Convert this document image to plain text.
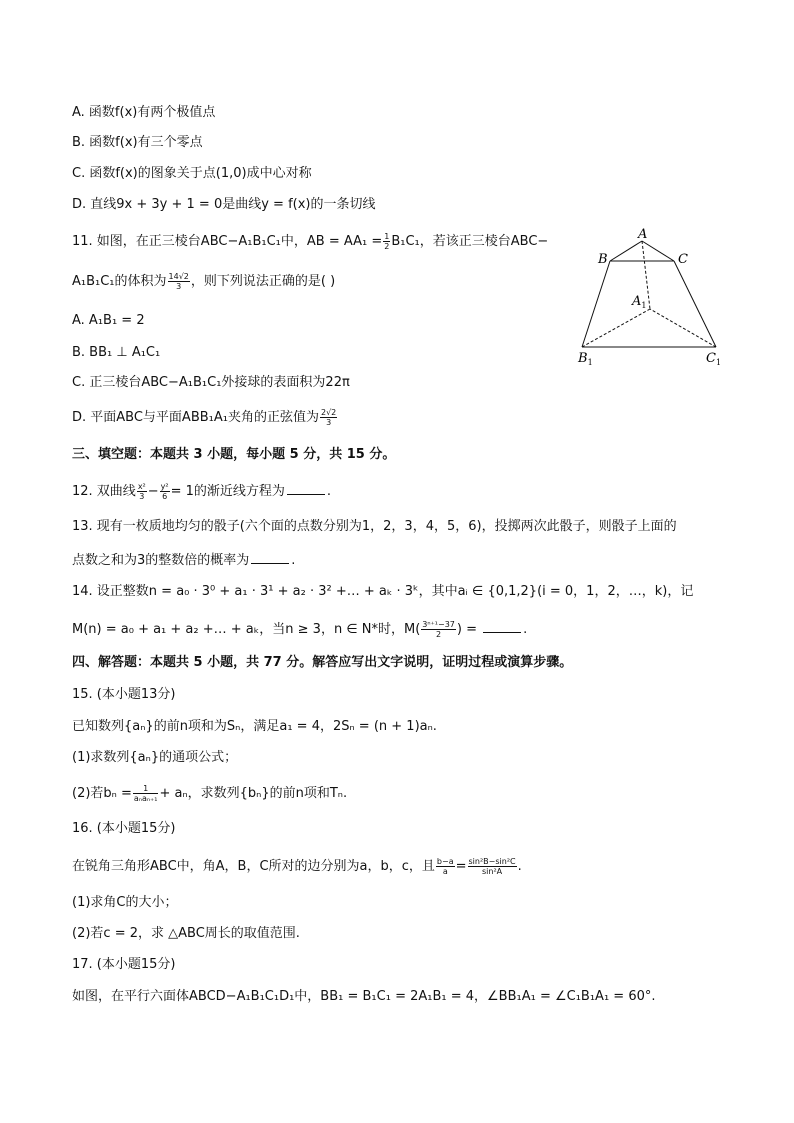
A. 函数f(x)有两个极值点
B. 函数f(x)有三个零点
C. 函数f(x)的图象关于点(1,0)成中心对称
D. 直线9x + 3y + 1 = 0是曲线y = f(x)的一条切线
11. 如图，在正三棱台ABC−A₁B₁C₁中，AB = $AA_1 = \frac{1}{2} B_1C_1$，若该正三棱台ABC−
A₁B₁C₁的体积为 $\frac{14√2}{3}$ ，则下列说法正确的是( )
A. A₁B₁ = 2
B. BB₁ ⊥ A₁C₁
C. 正三棱台ABC−A₁B₁C₁外接球的表面积为22π
D. 平面ABC与平面ABB₁A₁夹角的正弦值为 $\frac{2√2}{3}$
A
B	C
$A_1$
$B_1$	$C_1$
三、填空题：本题共 3 小题，每小题 5 分，共 15 分。
12. 双曲线 $\frac{\text{x²}}{3} - \frac{\text{y²}}{6} = 1$的渐近线方程为	.
13. 现有一枚质地均匀的骰子(六个面的点数分别为1，2，3，4，5，6)，投掷两次此骰子，则骰子上面的
点数之和为3的整数倍的概率为	.
14. 设正整数n = a₀ · 3⁰ + a₁ · 3¹ + a₂ · 3² +… + aₖ · 3ᵏ，其中aᵢ ∈ {0,1,2}(i = 0，1，2，…，k)，记
M(n) = a₀ + a₁ + a₂ +… + aₖ，当n ≥ 3，n ∈ N*时，$M( \frac{\text{3ⁿ⁺¹−37}}{2}$ ) =	.
四、解答题：本题共 5 小题，共 77 分。解答应写出文字说明，证明过程或演算步骤。
15. (本小题13分)
已知数列{aₙ}的前n项和为Sₙ，满足a₁ = 4，2Sₙ = (n + 1)aₙ.
(1)求数列{aₙ}的通项公式；
(2)若$b_n = \frac{1}{\text{aₙaₙ₊₁}} + a_n$，求数列{bₙ}的前n项和Tₙ.
16. (本小题15分)
在锐角三角形ABC中，角A，B，C所对的边分别为a，b，c，且 $\frac{b-a}{a} = \frac{\text{sin²B−sin²C}}{\text{sin²A}}$ .
(1)求角C的大小；
(2)若c = 2，求 △ABC周长的取值范围.
17. (本小题15分)
如图，在平行六面体ABCD−A₁B₁C₁D₁中，BB₁ = B₁C₁ = 2A₁B₁ = 4，∠BB₁A₁ = ∠C₁B₁A₁ = 60°.
